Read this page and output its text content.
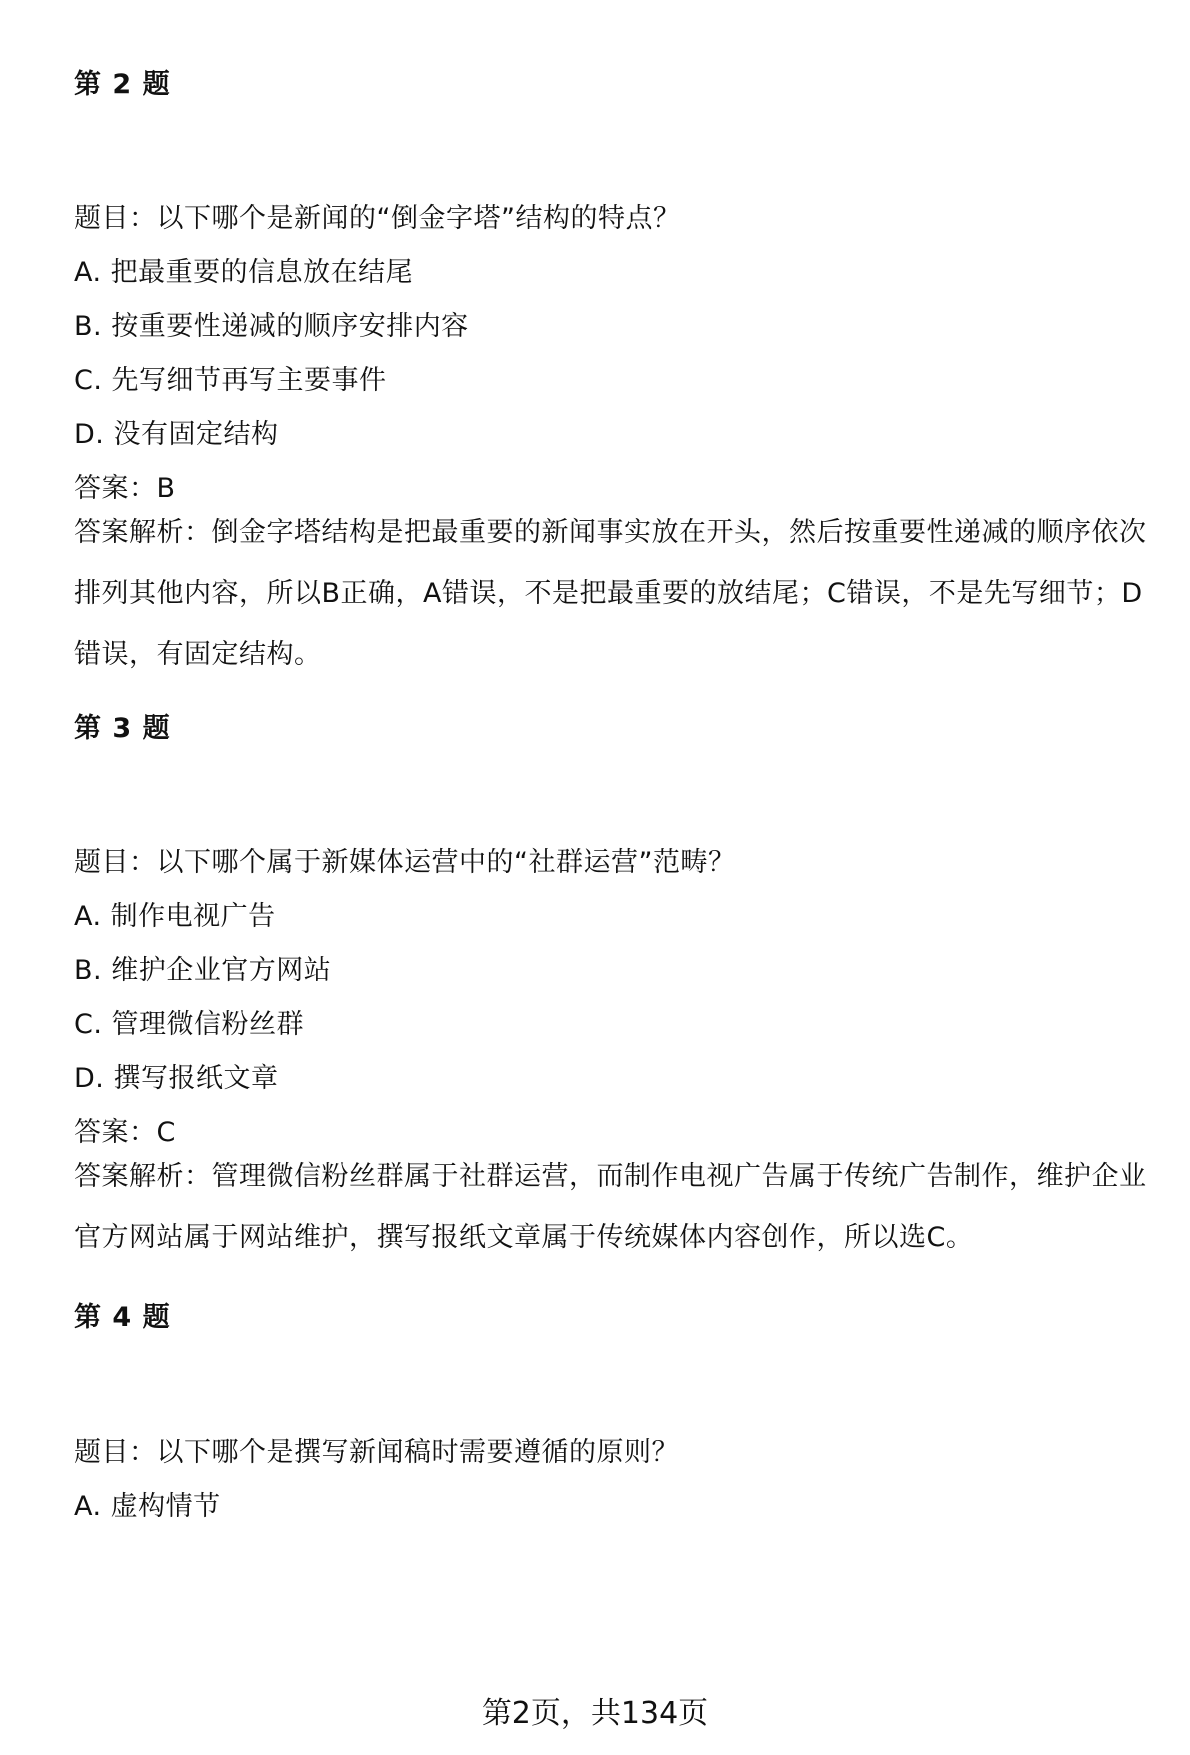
第 2 题
题目：以下哪个是新闻的“倒金字塔”结构的特点？
A. 把最重要的信息放在结尾
B. 按重要性递减的顺序安排内容
C. 先写细节再写主要事件
D. 没有固定结构
答案：B
答案解析：倒金字塔结构是把最重要的新闻事实放在开头，然后按重要性递减的顺序依次排列其他内容，所以B正确，A错误，不是把最重要的放结尾；C错误，不是先写细节；D错误，有固定结构。
第 3 题
题目：以下哪个属于新媒体运营中的“社群运营”范畴？
A. 制作电视广告
B. 维护企业官方网站
C. 管理微信粉丝群
D. 撰写报纸文章
答案：C
答案解析：管理微信粉丝群属于社群运营，而制作电视广告属于传统广告制作，维护企业官方网站属于网站维护，撰写报纸文章属于传统媒体内容创作，所以选C。
第 4 题
题目：以下哪个是撰写新闻稿时需要遵循的原则？
A. 虚构情节
第2页，共134页
